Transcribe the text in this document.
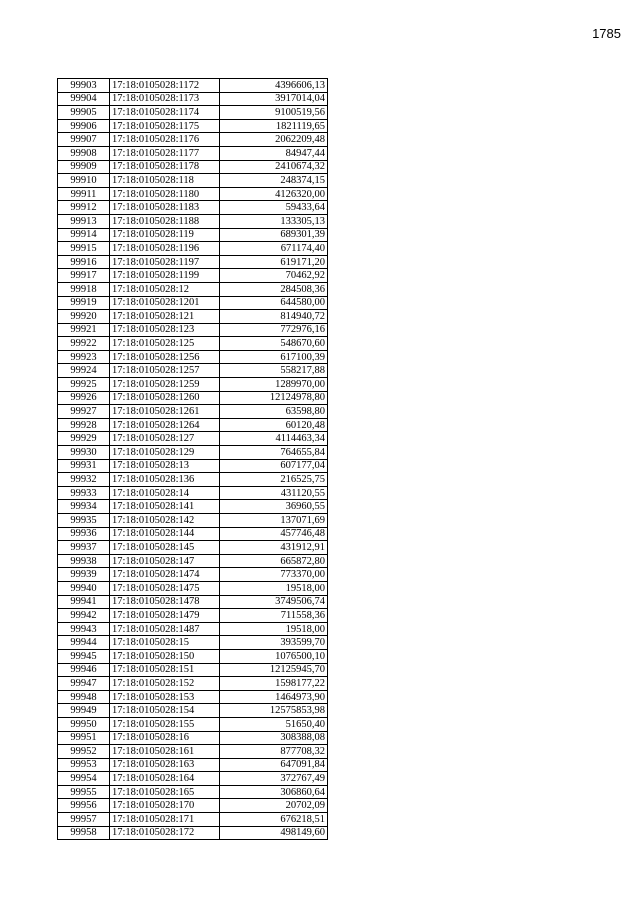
1785
99903	17:18:0105028:1172	4396606,13
99904	17:18:0105028:1173	3917014,04
99905	17:18:0105028:1174	9100519,56
99906	17:18:0105028:1175	1821119,65
99907	17:18:0105028:1176	2062209,48
99908	17:18:0105028:1177	84947,44
99909	17:18:0105028:1178	2410674,32
99910	17:18:0105028:118	248374,15
99911	17:18:0105028:1180	4126320,00
99912	17:18:0105028:1183	59433,64
99913	17:18:0105028:1188	133305,13
99914	17:18:0105028:119	689301,39
99915	17:18:0105028:1196	671174,40
99916	17:18:0105028:1197	619171,20
99917	17:18:0105028:1199	70462,92
99918	17:18:0105028:12	284508,36
99919	17:18:0105028:1201	644580,00
99920	17:18:0105028:121	814940,72
99921	17:18:0105028:123	772976,16
99922	17:18:0105028:125	548670,60
99923	17:18:0105028:1256	617100,39
99924	17:18:0105028:1257	558217,88
99925	17:18:0105028:1259	1289970,00
99926	17:18:0105028:1260	12124978,80
99927	17:18:0105028:1261	63598,80
99928	17:18:0105028:1264	60120,48
99929	17:18:0105028:127	4114463,34
99930	17:18:0105028:129	764655,84
99931	17:18:0105028:13	607177,04
99932	17:18:0105028:136	216525,75
99933	17:18:0105028:14	431120,55
99934	17:18:0105028:141	36960,55
99935	17:18:0105028:142	137071,69
99936	17:18:0105028:144	457746,48
99937	17:18:0105028:145	431912,91
99938	17:18:0105028:147	665872,80
99939	17:18:0105028:1474	773370,00
99940	17:18:0105028:1475	19518,00
99941	17:18:0105028:1478	3749506,74
99942	17:18:0105028:1479	711558,36
99943	17:18:0105028:1487	19518,00
99944	17:18:0105028:15	393599,70
99945	17:18:0105028:150	1076500,10
99946	17:18:0105028:151	12125945,70
99947	17:18:0105028:152	1598177,22
99948	17:18:0105028:153	1464973,90
99949	17:18:0105028:154	12575853,98
99950	17:18:0105028:155	51650,40
99951	17:18:0105028:16	308388,08
99952	17:18:0105028:161	877708,32
99953	17:18:0105028:163	647091,84
99954	17:18:0105028:164	372767,49
99955	17:18:0105028:165	306860,64
99956	17:18:0105028:170	20702,09
99957	17:18:0105028:171	676218,51
99958	17:18:0105028:172	498149,60
